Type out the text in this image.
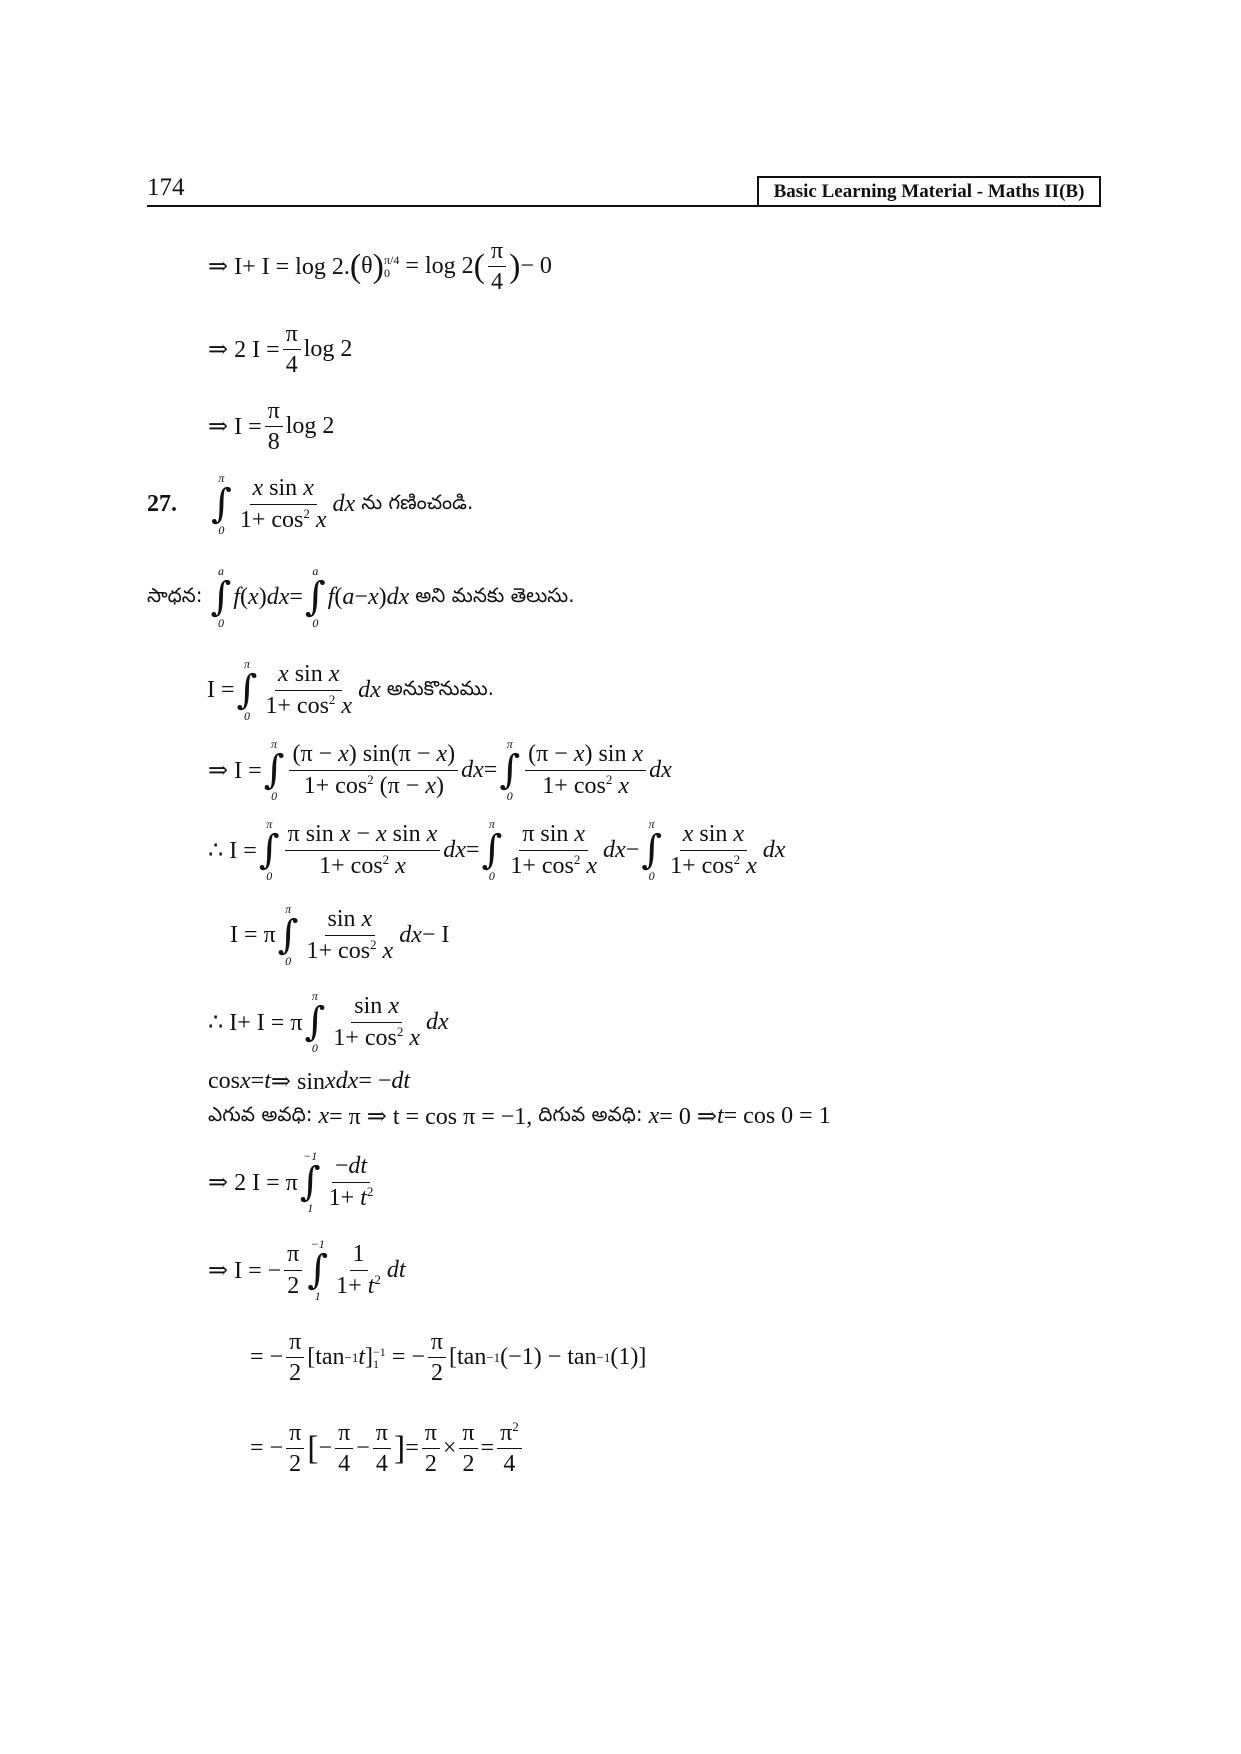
174	Basic Learning Material - Maths II(B)
⇒ I+ I = log 2. ( θ ) π/4
0 = log 2 ( $\frac{\pi}{4}$ ) − 0
⇒ 2 $I = \frac{\pi}{4}$ log 2
⇒ $I = \frac{\pi}{8}$ log 2
27.
π
∫
$0 \frac{\text{x sin x}}{1+ \cos^2 x}$ dx
ను గణించండి.
సాధన:

a
∫
0
f ( x ) dx =
a
∫
0
f ( a − x ) dx
అని మనకు తెలుసు.
I =
π
∫
$0 \frac{\text{x sin x}}{1+ \cos^2 x}$ dx
అనుకొనుము.
⇒ I =
π
∫
$0 \frac{(\pi - x) \sin(\pi - x)}{1+ \cos^2 (\pi - x)}$ dx =
π
∫
$0 \frac{\text{(π − x) sin x}}{1+ \cos^2 x}$ dx
∴ I =
π
∫
$0 \frac{\text{π sin x − x sin x}}{1+ \cos^2 x}$ dx =
π
∫
$0 \frac{\text{π sin x}}{1+ \cos^2 x}$ dx −
π
∫
$0 \frac{\text{x sin x}}{1+ \cos^2 x}$ dx
I = π
π
∫
$0 \frac{\text{sin x}}{1+ \cos^2 x}$ dx − I
∴ I+ I = π
π
∫
$0 \frac{\text{sin x}}{1+ \cos^2 x}$ dx
cos x = t ⇒ sin xdx = − dt
ఎగువ అవధి:
x = π ⇒ t = cos π = −1, దిగువ అవధి:
x = 0 ⇒ t = cos 0 = 1
⇒ 2 I = π
−1
∫
$1 \frac{-dt}{1+ t^2}$
⇒ I = − $\frac{\pi}{2} -1$
∫
$1 \frac{1}{1+ t^2}$ dt
= − $\frac{\pi}{2} [\tan -1$ t ] −1
1 = − $\frac{\pi}{2} [\tan -1$ (−1) − tan −1 (1)]
= − $\frac{\pi}{2}$ [ − $\frac{\pi}{4} - \frac{\pi}{4}$ ] = $\frac{\pi}{2} \times \frac{\pi}{2} = \frac{\pi^2}{4}$
